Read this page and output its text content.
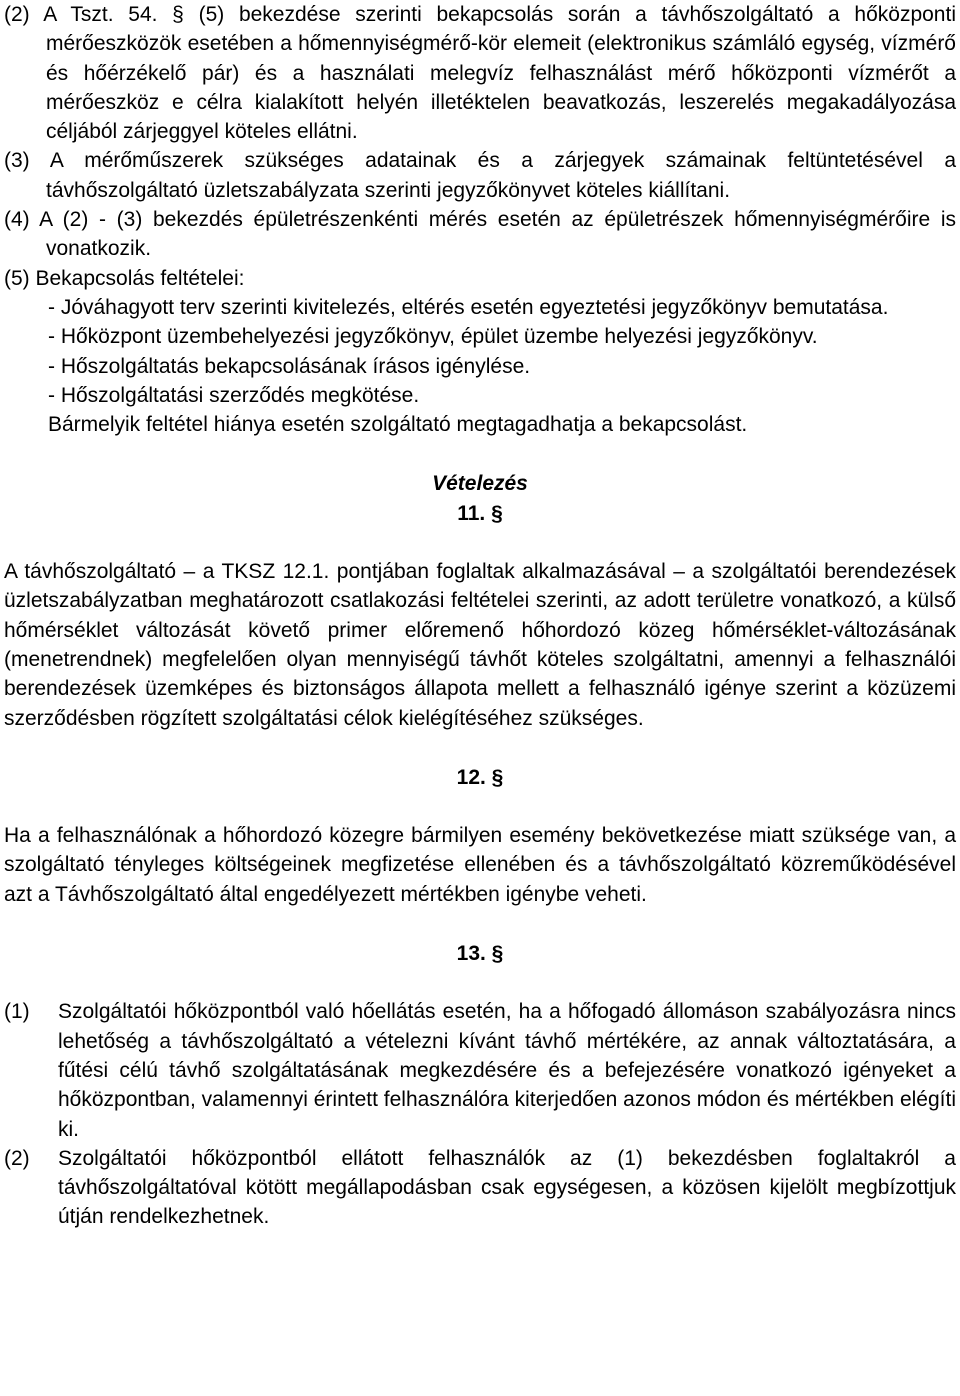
(2) A Tszt. 54. § (5) bekezdése szerinti bekapcsolás során a távhőszolgáltató a hőközponti mérőeszközök esetében a hőmennyiségmérő-kör elemeit (elektronikus számláló egység, vízmérő és hőérzékelő pár) és a használati melegvíz felhasználást mérő hőközponti vízmérőt a mérőeszköz e célra kialakított helyén illetéktelen beavatkozás, leszerelés megakadályozása céljából zárjeggyel köteles ellátni.

(3) A mérőműszerek szükséges adatainak és a zárjegyek számainak feltüntetésével a távhőszolgáltató üzletszabályzata szerinti jegyzőkönyvet köteles kiállítani.

(4) A (2) - (3) bekezdés épületrészenkénti mérés esetén az épületrészek hőmennyiségmérőire is vonatkozik.

(5) Bekapcsolás feltételei:

- Jóváhagyott terv szerinti kivitelezés, eltérés esetén egyeztetési jegyzőkönyv bemutatása.

- Hőközpont üzembehelyezési jegyzőkönyv, épület üzembe helyezési jegyzőkönyv.

- Hőszolgáltatás bekapcsolásának írásos igénylése.

- Hőszolgáltatási szerződés megkötése.

Bármelyik feltétel hiánya esetén szolgáltató megtagadhatja a bekapcsolást.

Vételezés

11. §

A távhőszolgáltató – a TKSZ 12.1. pontjában foglaltak alkalmazásával – a szolgáltatói berendezések üzletszabályzatban meghatározott csatlakozási feltételei szerinti, az adott területre vonatkozó, a külső hőmérséklet változását követő primer előremenő hőhordozó közeg hőmérséklet-változásának (menetrendnek) megfelelően olyan mennyiségű távhőt köteles szolgáltatni, amennyi a felhasználói berendezések üzemképes és biztonságos állapota mellett a felhasználó igénye szerint a közüzemi szerződésben rögzített szolgáltatási célok kielégítéséhez szükséges.

12. §

Ha a felhasználónak a hőhordozó közegre bármilyen esemény bekövetkezése miatt szüksége van, a szolgáltató tényleges költségeinek megfizetése ellenében és a távhőszolgáltató közreműködésével azt a Távhőszolgáltató által engedélyezett mértékben igénybe veheti.

13. §

(1) Szolgáltatói hőközpontból való hőellátás esetén, ha a hőfogadó állomáson szabályozásra nincs lehetőség a távhőszolgáltató a vételezni kívánt távhő mértékére, az annak változtatására, a fűtési célú távhő szolgáltatásának megkezdésére és a befejezésére vonatkozó igényeket a hőközpontban, valamennyi érintett felhasználóra kiterjedően azonos módon és mértékben elégíti ki.
(2) Szolgáltatói hőközpontból ellátott felhasználók az (1) bekezdésben foglaltakról a távhőszolgáltatóval kötött megállapodásban csak egységesen, a közösen kijelölt megbízottjuk útján rendelkezhetnek.
